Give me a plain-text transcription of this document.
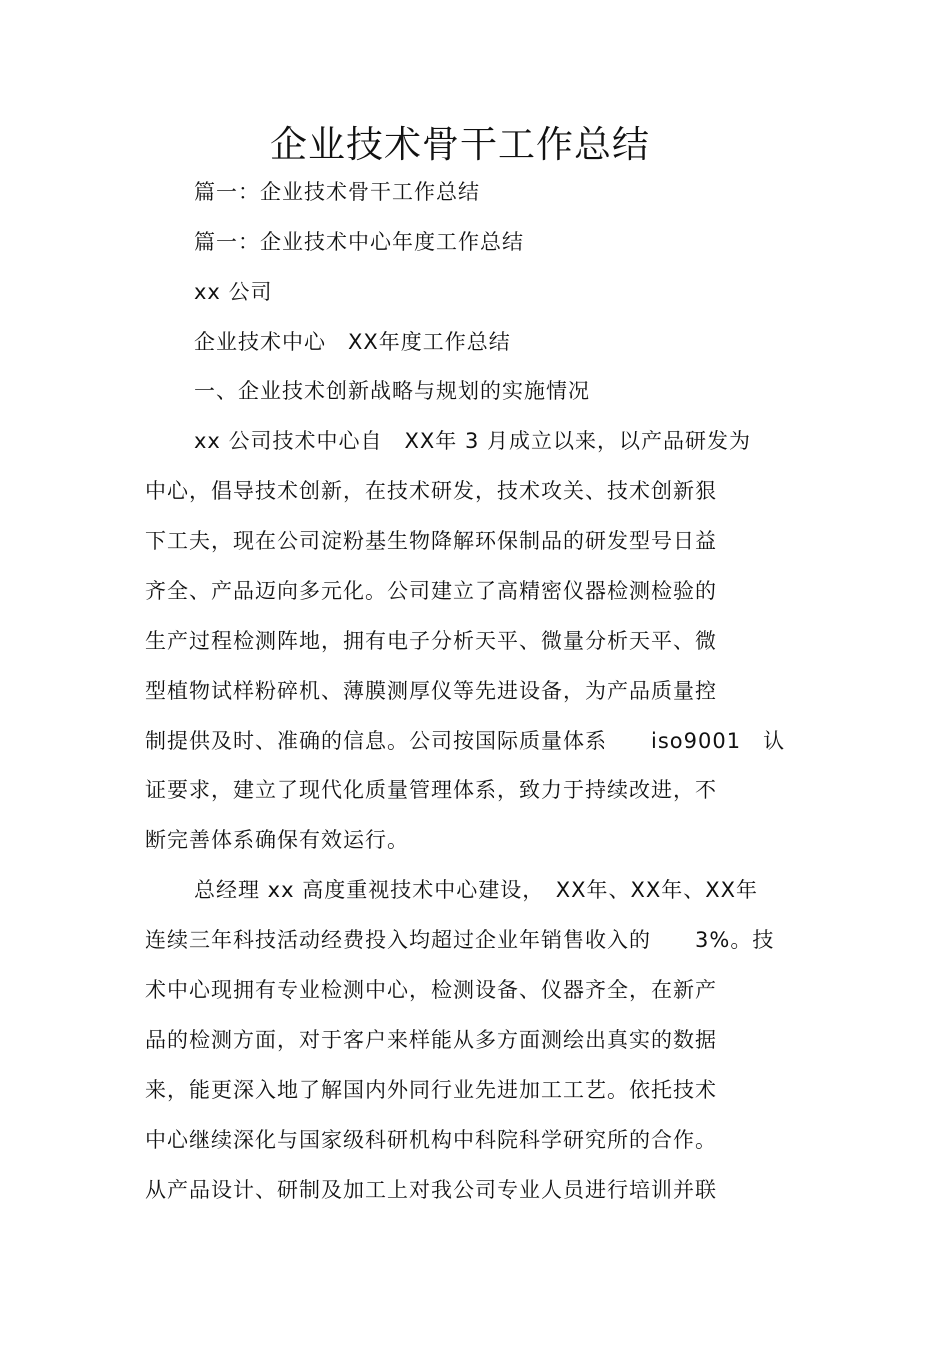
企业技术骨干工作总结
篇一：企业技术骨干工作总结
篇一：企业技术中心年度工作总结
xx 公司
企业技术中心　XX年度工作总结
一、企业技术创新战略与规划的实施情况
xx 公司技术中心自　XX年 3 月成立以来，以产品研发为
中心，倡导技术创新，在技术研发，技术攻关、技术创新狠
下工夫，现在公司淀粉基生物降解环保制品的研发型号日益
齐全、产品迈向多元化。公司建立了高精密仪器检测检验的
生产过程检测阵地，拥有电子分析天平、微量分析天平、微
型植物试样粉碎机、薄膜测厚仪等先进设备，为产品质量控
制提供及时、准确的信息。公司按国际质量体系　　iso9001　认
证要求，建立了现代化质量管理体系，致力于持续改进，不
断完善体系确保有效运行。
总经理 xx 高度重视技术中心建设，　XX年、XX年、XX年
连续三年科技活动经费投入均超过企业年销售收入的　　3%。技
术中心现拥有专业检测中心，检测设备、仪器齐全，在新产
品的检测方面，对于客户来样能从多方面测绘出真实的数据
来，能更深入地了解国内外同行业先进加工工艺。依托技术
中心继续深化与国家级科研机构中科院科学研究所的合作。
从产品设计、研制及加工上对我公司专业人员进行培训并联
